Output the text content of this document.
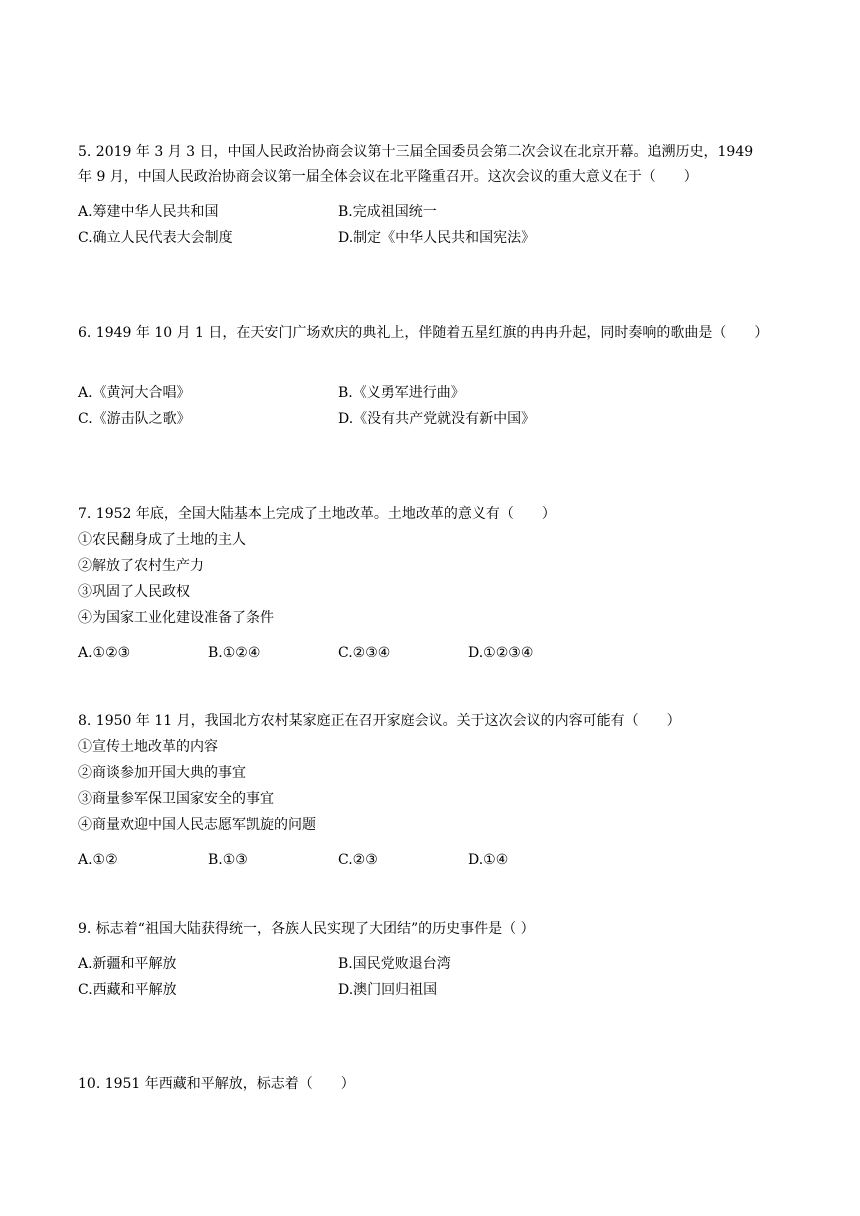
5. 2019 年 3 月 3 日，中国人民政治协商会议第十三届全国委员会第二次会议在北京开幕。追溯历史，1949 年 9 月，中国人民政治协商会议第一届全体会议在北平隆重召开。这次会议的重大意义在于（　　）
A.筹建中华人民共和国	B.完成祖国统一
C.确立人民代表大会制度	D.制定《中华人民共和国宪法》
6. 1949 年 10 月 1 日，在天安门广场欢庆的典礼上，伴随着五星红旗的冉冉升起，同时奏响的歌曲是（　　）
A.《黄河大合唱》	B.《义勇军进行曲》
C.《游击队之歌》	D.《没有共产党就没有新中国》
7. 1952 年底，全国大陆基本上完成了土地改革。土地改革的意义有（　　）
①农民翻身成了土地的主人
②解放了农村生产力
③巩固了人民政权
④为国家工业化建设准备了条件
A.①②③	B.①②④	C.②③④	D.①②③④
8. 1950 年 11 月，我国北方农村某家庭正在召开家庭会议。关于这次会议的内容可能有（　　）
①宣传土地改革的内容
②商谈参加开国大典的事宜
③商量参军保卫国家安全的事宜
④商量欢迎中国人民志愿军凯旋的问题
A.①②	B.①③	C.②③	D.①④
9. 标志着“祖国大陆获得统一，各族人民实现了大团结”的历史事件是（ ）
A.新疆和平解放	B.国民党败退台湾
C.西藏和平解放	D.澳门回归祖国
10. 1951 年西藏和平解放，标志着（　　）
